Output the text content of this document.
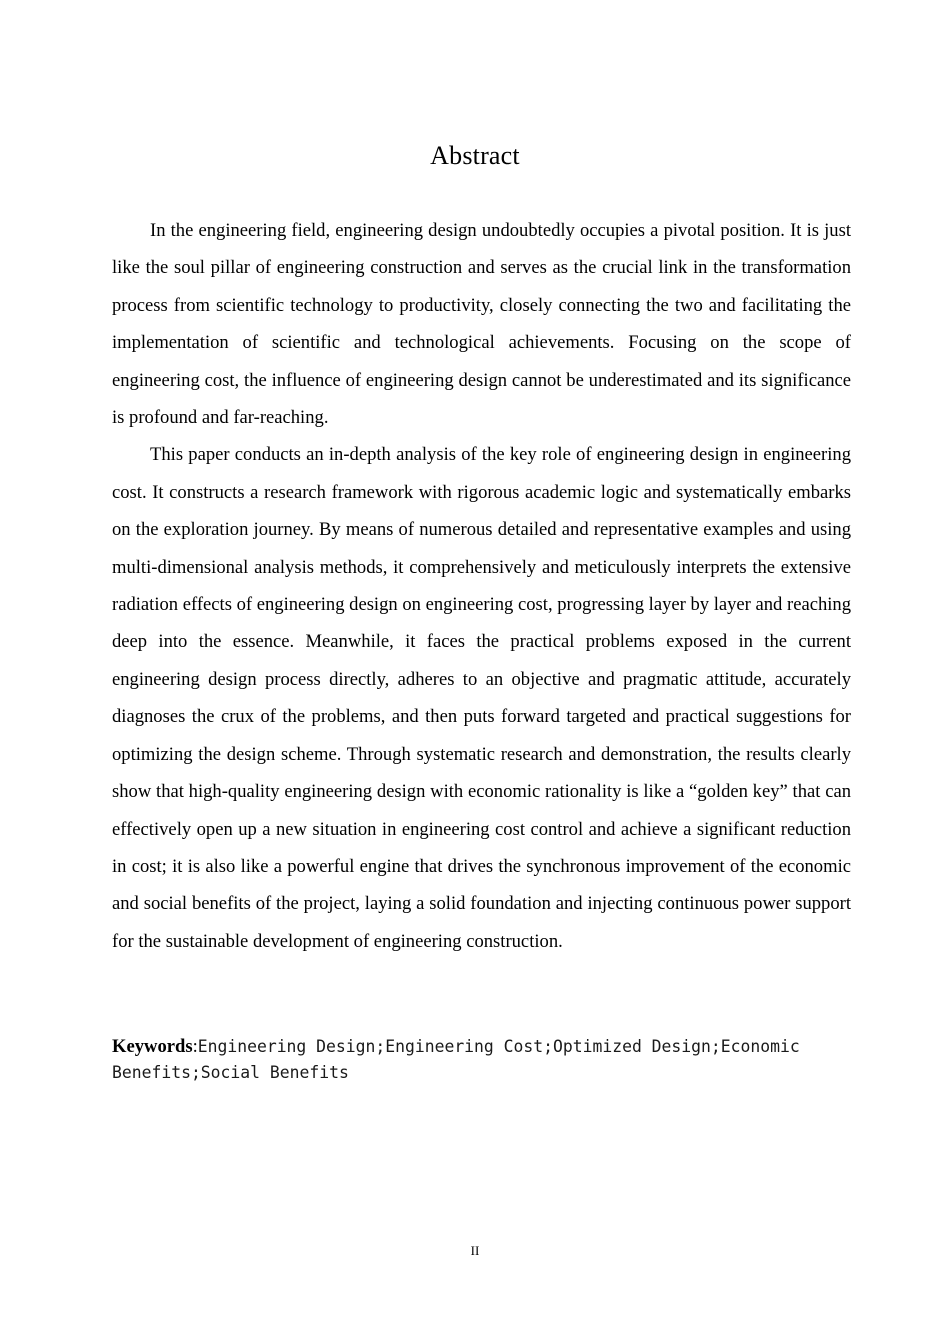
Abstract

In the engineering field, engineering design undoubtedly occupies a pivotal position. It is just like the soul pillar of engineering construction and serves as the crucial link in the transformation process from scientific technology to productivity, closely connecting the two and facilitating the implementation of scientific and technological achievements. Focusing on the scope of engineering cost, the influence of engineering design cannot be underestimated and its significance is profound and far-reaching.

This paper conducts an in-depth analysis of the key role of engineering design in engineering cost. It constructs a research framework with rigorous academic logic and systematically embarks on the exploration journey. By means of numerous detailed and representative examples and using multi-dimensional analysis methods, it comprehensively and meticulously interprets the extensive radiation effects of engineering design on engineering cost, progressing layer by layer and reaching deep into the essence. Meanwhile, it faces the practical problems exposed in the current engineering design process directly, adheres to an objective and pragmatic attitude, accurately diagnoses the crux of the problems, and then puts forward targeted and practical suggestions for optimizing the design scheme. Through systematic research and demonstration, the results clearly show that high-quality engineering design with economic rationality is like a “golden key” that can effectively open up a new situation in engineering cost control and achieve a significant reduction in cost; it is also like a powerful engine that drives the synchronous improvement of the economic and social benefits of the project, laying a solid foundation and injecting continuous power support for the sustainable development of engineering construction.

Keywords:Engineering Design;Engineering Cost;Optimized Design;Economic Benefits;Social Benefits

II
